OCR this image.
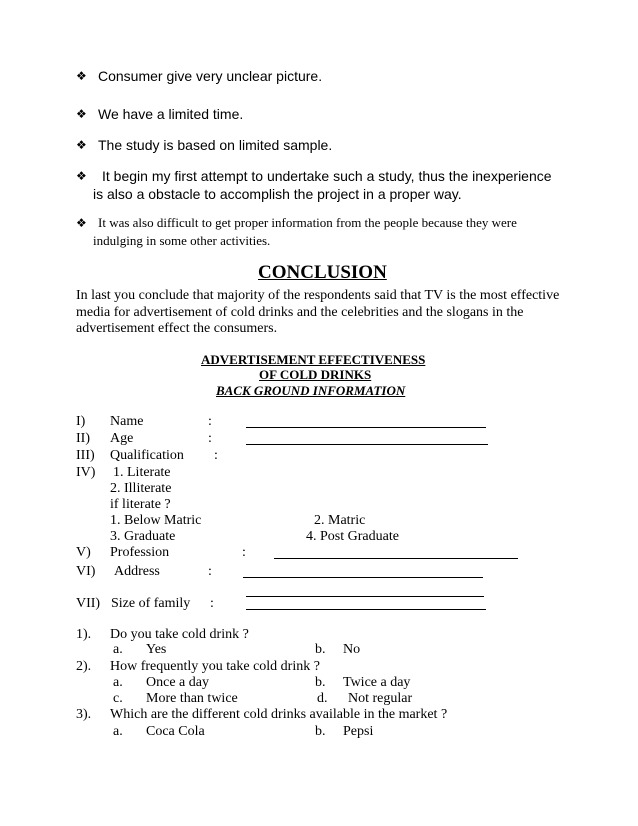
❖ Consumer give very unclear picture.
❖ We have a limited time.
❖ The study is based on limited sample.
❖ It begin my first attempt to undertake such a study, thus the inexperience
is also a obstacle to accomplish the project in a proper way.
❖ It was also difficult to get proper information from the people because they were
indulging in some other activities.
CONCLUSION
In last you conclude that majority of the respondents said that TV is the most effective
media for advertisement of cold drinks and the celebrities and the slogans in the
advertisement effect the consumers.
ADVERTISEMENT EFFECTIVENESS
OF COLD DRINKS
BACK GROUND INFORMATION
I) Name	:
II) Age	:
III) Qualification :
IV) 1. Literate
2. Illiterate
if literate ?
1. Below Matric	2. Matric
3. Graduate	4. Post Graduate
V) Profession	:
VI) Address	:
VII) Size of family :
1). Do you take cold drink ?
a. Yes	b. No
2). How frequently you take cold drink ?
a. Once a day	b. Twice a day
c. More than twice	d. Not regular
3). Which are the different cold drinks available in the market ?
a. Coca Cola	b. Pepsi
